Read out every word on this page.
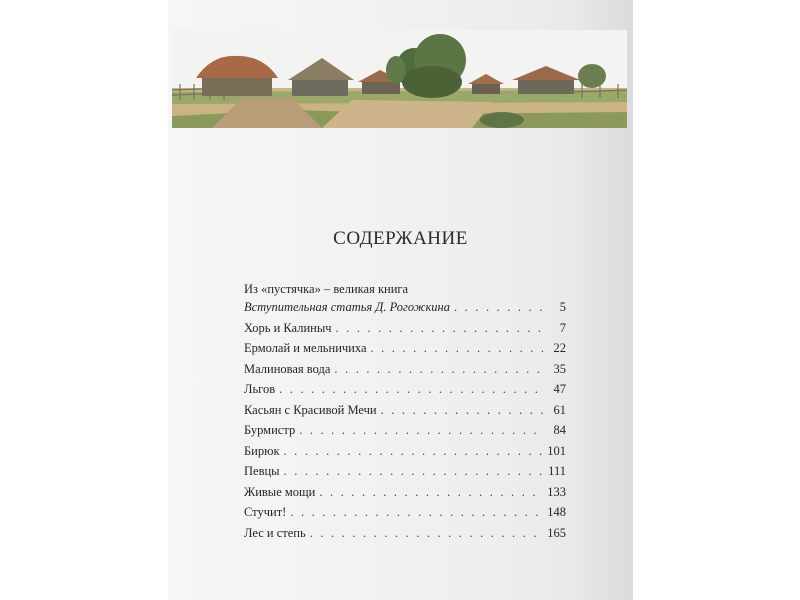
СОДЕРЖАНИЕ
Из «пустячка» – великая книга
Вступительная статья Д. Рогожкина . . .	5
Хорь и Калиныч . . .	7
Ермолай и мельничиха . . .	22
Малиновая вода . . .	35
Льгов . . .	47
Касьян с Красивой Мечи . . .	61
Бурмистр . . .	84
Бирюк . . .	101
Певцы . . .	111
Живые мощи . . .	133
Стучит! . . .	148
Лес и степь . . .	165
